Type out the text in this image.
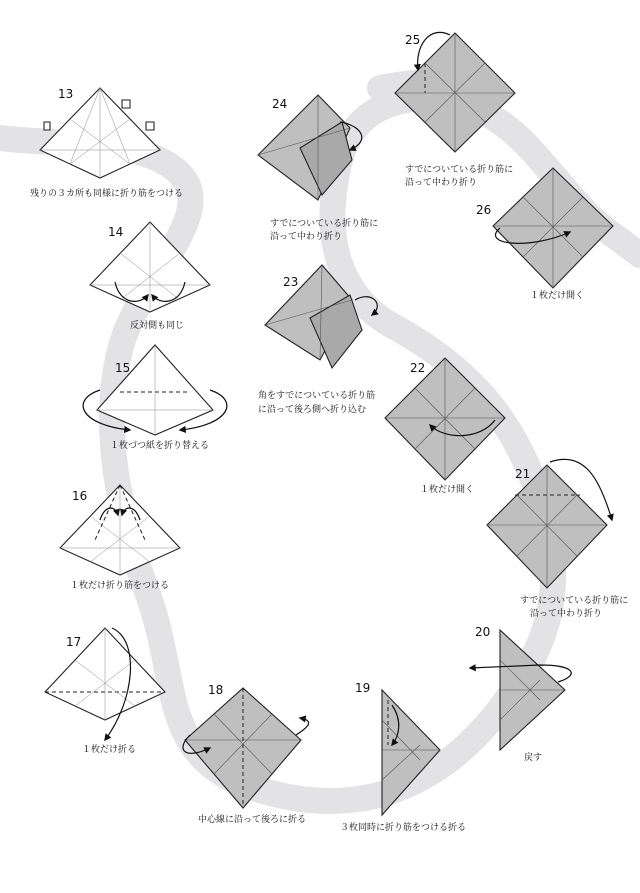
13
残りの３カ所も同様に折り筋をつける
14
反対側も同じ
15
１枚づつ紙を折り替える
16
１枚だけ折り筋をつける
17
１枚だけ折る
18
中心線に沿って後ろに折る
19
３枚同時に折り筋をつける折る
20
戻す
21
すでについている折り筋に
沿って中わり折り
22
１枚だけ開く
23
角をすでについている折り筋
に沿って後ろ側へ折り込む
24
すでについている折り筋に
沿って中わり折り
25
すでについている折り筋に
沿って中わり折り
26
１枚だけ開く
